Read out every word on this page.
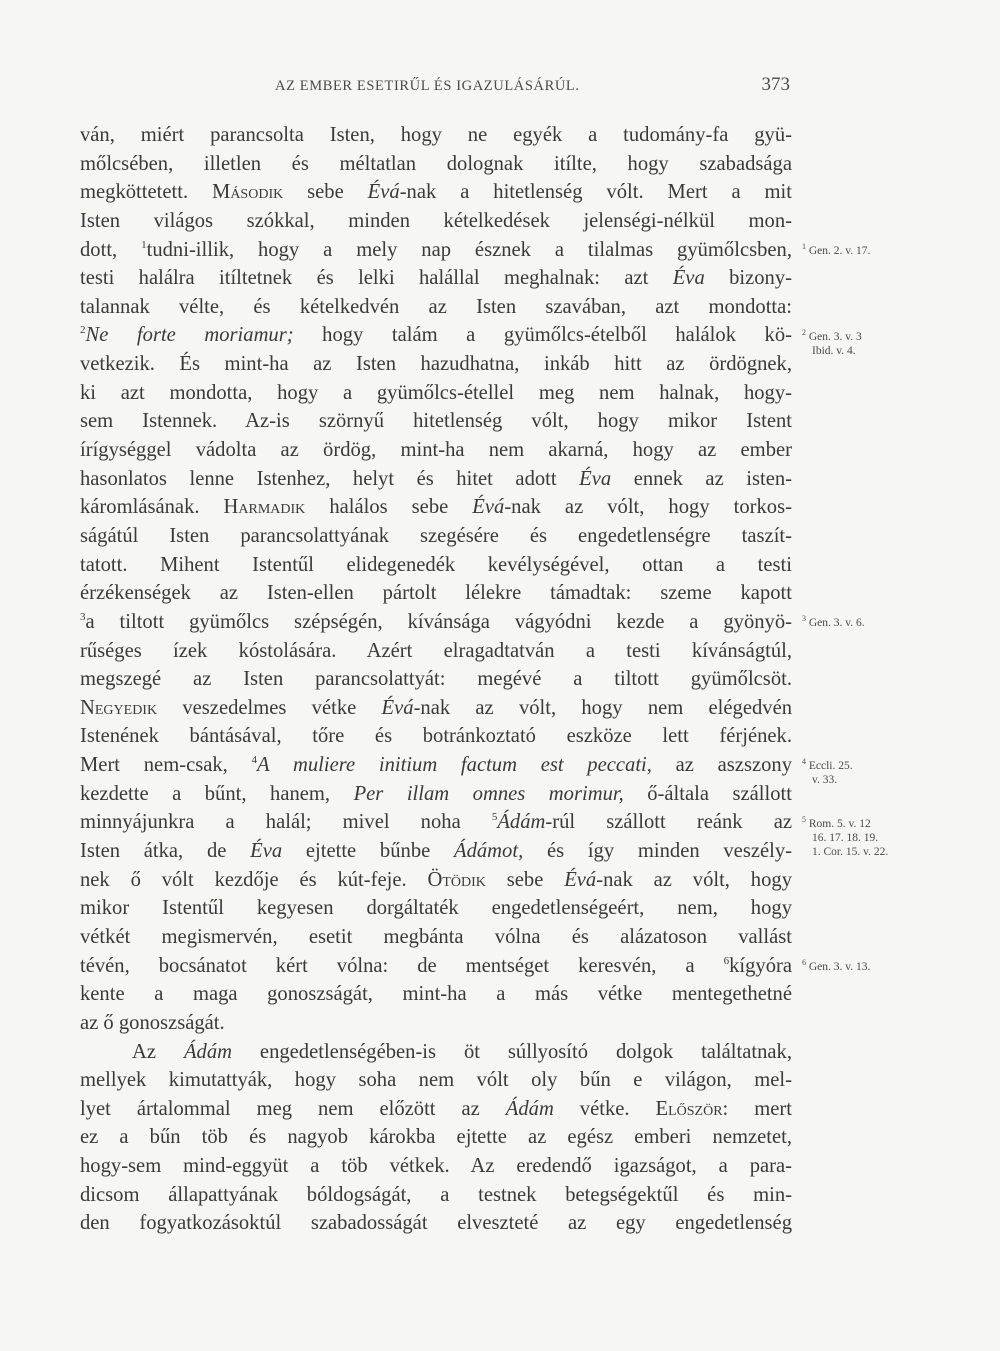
AZ EMBER ESETIRŰL ÉS IGAZULÁSÁRÚL.	373
ván, miért parancsolta Isten, hogy ne egyék a tudomány-fa gyü-
mőlcsében, illetlen és méltatlan dolognak itílte, hogy szabadsága
megköttetett. Második sebe Évá-nak a hitetlenség vólt. Mert a mit
Isten világos szókkal, minden kételkedések jelenségi-nélkül mon-
dott, $^1$tudni-illik, hogy a mely nap észnek a tilalmas gyümőlcsben,
testi halálra itíltetnek és lelki halállal meghalnak: azt Éva bizony-
talannak vélte, és kételkedvén az Isten szavában, azt mondotta:
$^2$Ne forte moriamur; hogy talám a gyümőlcs-ételből halálok kö-
vetkezik. És mint-ha az Isten hazudhatna, inkáb hitt az ördögnek,
ki azt mondotta, hogy a gyümőlcs-étellel meg nem halnak, hogy-
sem Istennek. Az-is szörnyű hitetlenség vólt, hogy mikor Istent
írígységgel vádolta az ördög, mint-ha nem akarná, hogy az ember
hasonlatos lenne Istenhez, helyt és hitet adott Éva ennek az isten-
káromlásának. Harmadik halálos sebe Évá-nak az vólt, hogy torkos-
ságátúl Isten parancsolattyának szegésére és engedetlenségre taszít-
tatott. Mihent Istentűl elidegenedék kevélységével, ottan a testi
érzékenségek az Isten-ellen pártolt lélekre támadtak: szeme kapott
$^3$a tiltott gyümőlcs szépségén, kívánsága vágyódni kezde a gyönyö-
rűséges ízek kóstolására. Azért elragadtatván a testi kívánságtúl,
megszegé az Isten parancsolattyát: megévé a tiltott gyümőlcsöt.
Negyedik veszedelmes vétke Évá-nak az vólt, hogy nem elégedvén
Istenének bántásával, tőre és botránkoztató eszköze lett férjének.
Mert nem-csak, $^4$A muliere initium factum est peccati, az aszszony
kezdette a bűnt, hanem, Per illam omnes morimur, ő-általa szállott
minnyájunkra a halál; mivel noha $^5$Ádám-rúl szállott reánk az
Isten átka, de Éva ejtette bűnbe Ádámot, és így minden veszély-
nek ő vólt kezdője és kút-feje. Ötödik sebe Évá-nak az vólt, hogy
mikor Istentűl kegyesen dorgáltaték engedetlenségeért, nem, hogy
vétkét megismervén, esetit megbánta vólna és alázatoson vallást
tévén, bocsánatot kért vólna: de mentséget keresvén, a $^6$kígyóra
kente a maga gonoszságát, mint-ha a más vétke mentegethetné
az ő gonoszságát.
Az Ádám engedetlenségében-is öt súllyosító dolgok találtatnak,
mellyek kimutattyák, hogy soha nem vólt oly bűn e világon, mel-
lyet ártalommal meg nem előzött az Ádám vétke. Először: mert
ez a bűn töb és nagyob károkba ejtette az egész emberi nemzetet,
hogy-sem mind-eggyüt a töb vétkek. Az eredendő igazságot, a para-
dicsom állapattyának bóldogságát, a testnek betegségektűl és min-
den fogyatkozásoktúl szabadosságát elveszteté az egy engedetlenség
$^1$ Gen. 2. v. 17.
$^2$ Gen. 3. v. 3
Ibid. v. 4.
$^3$ Gen. 3. v. 6.
$^4$ Eccli. 25.
v. 33.
$^5$ Rom. 5. v. 12
16. 17. 18. 19.
1. Cor. 15. v. 22.
$^6$ Gen. 3. v. 13.
